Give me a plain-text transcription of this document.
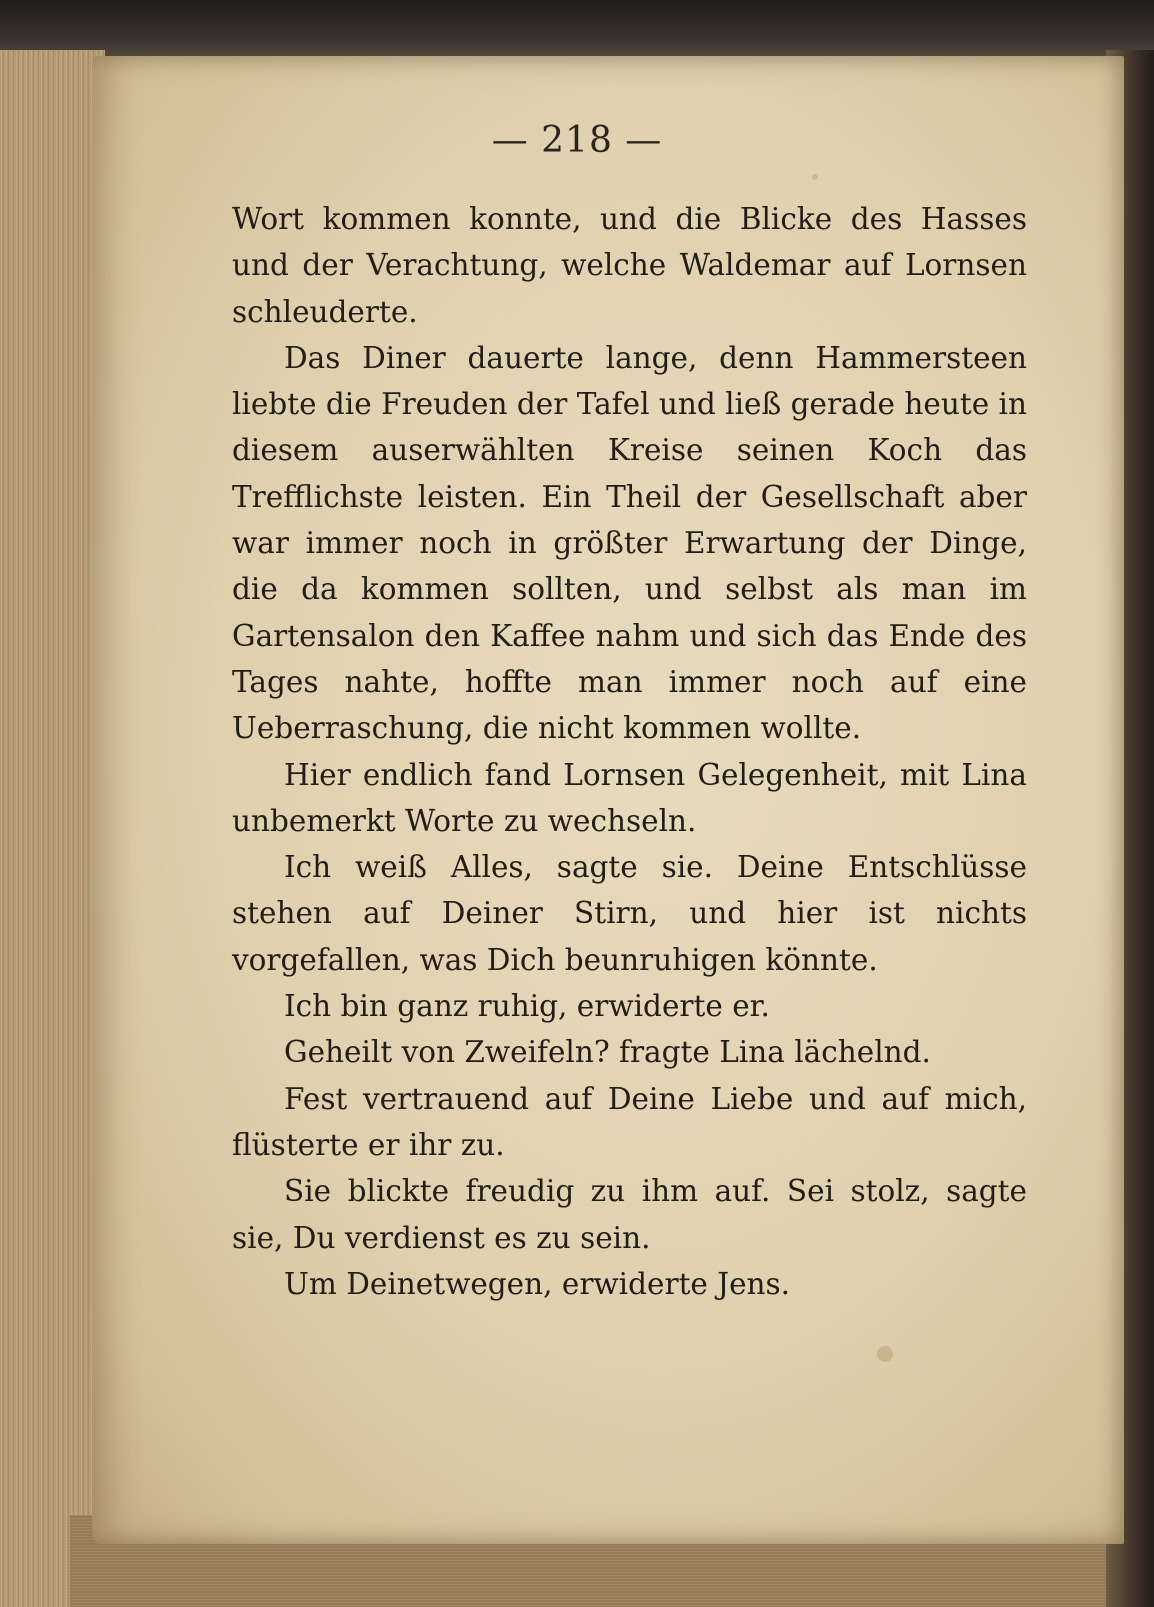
— 218 —

Wort kommen konnte, und die Blicke des Hasses und der Verachtung, welche Waldemar auf Lornsen schleuderte.

Das Diner dauerte lange, denn Hammersteen liebte die Freuden der Tafel und ließ gerade heute in diesem auserwählten Kreise seinen Koch das Trefflichste leisten. Ein Theil der Gesellschaft aber war immer noch in größter Erwartung der Dinge, die da kommen sollten, und selbst als man im Gartensalon den Kaffee nahm und sich das Ende des Tages nahte, hoffte man immer noch auf eine Ueberraschung, die nicht kommen wollte.

Hier endlich fand Lornsen Gelegenheit, mit Lina unbemerkt Worte zu wechseln.

Ich weiß Alles, sagte sie. Deine Entschlüsse stehen auf Deiner Stirn, und hier ist nichts vorgefallen, was Dich beunruhigen könnte.

Ich bin ganz ruhig, erwiderte er.

Geheilt von Zweifeln? fragte Lina lächelnd.

Fest vertrauend auf Deine Liebe und auf mich, flüsterte er ihr zu.

Sie blickte freudig zu ihm auf. Sei stolz, sagte sie, Du verdienst es zu sein.

Um Deinetwegen, erwiderte Jens.
